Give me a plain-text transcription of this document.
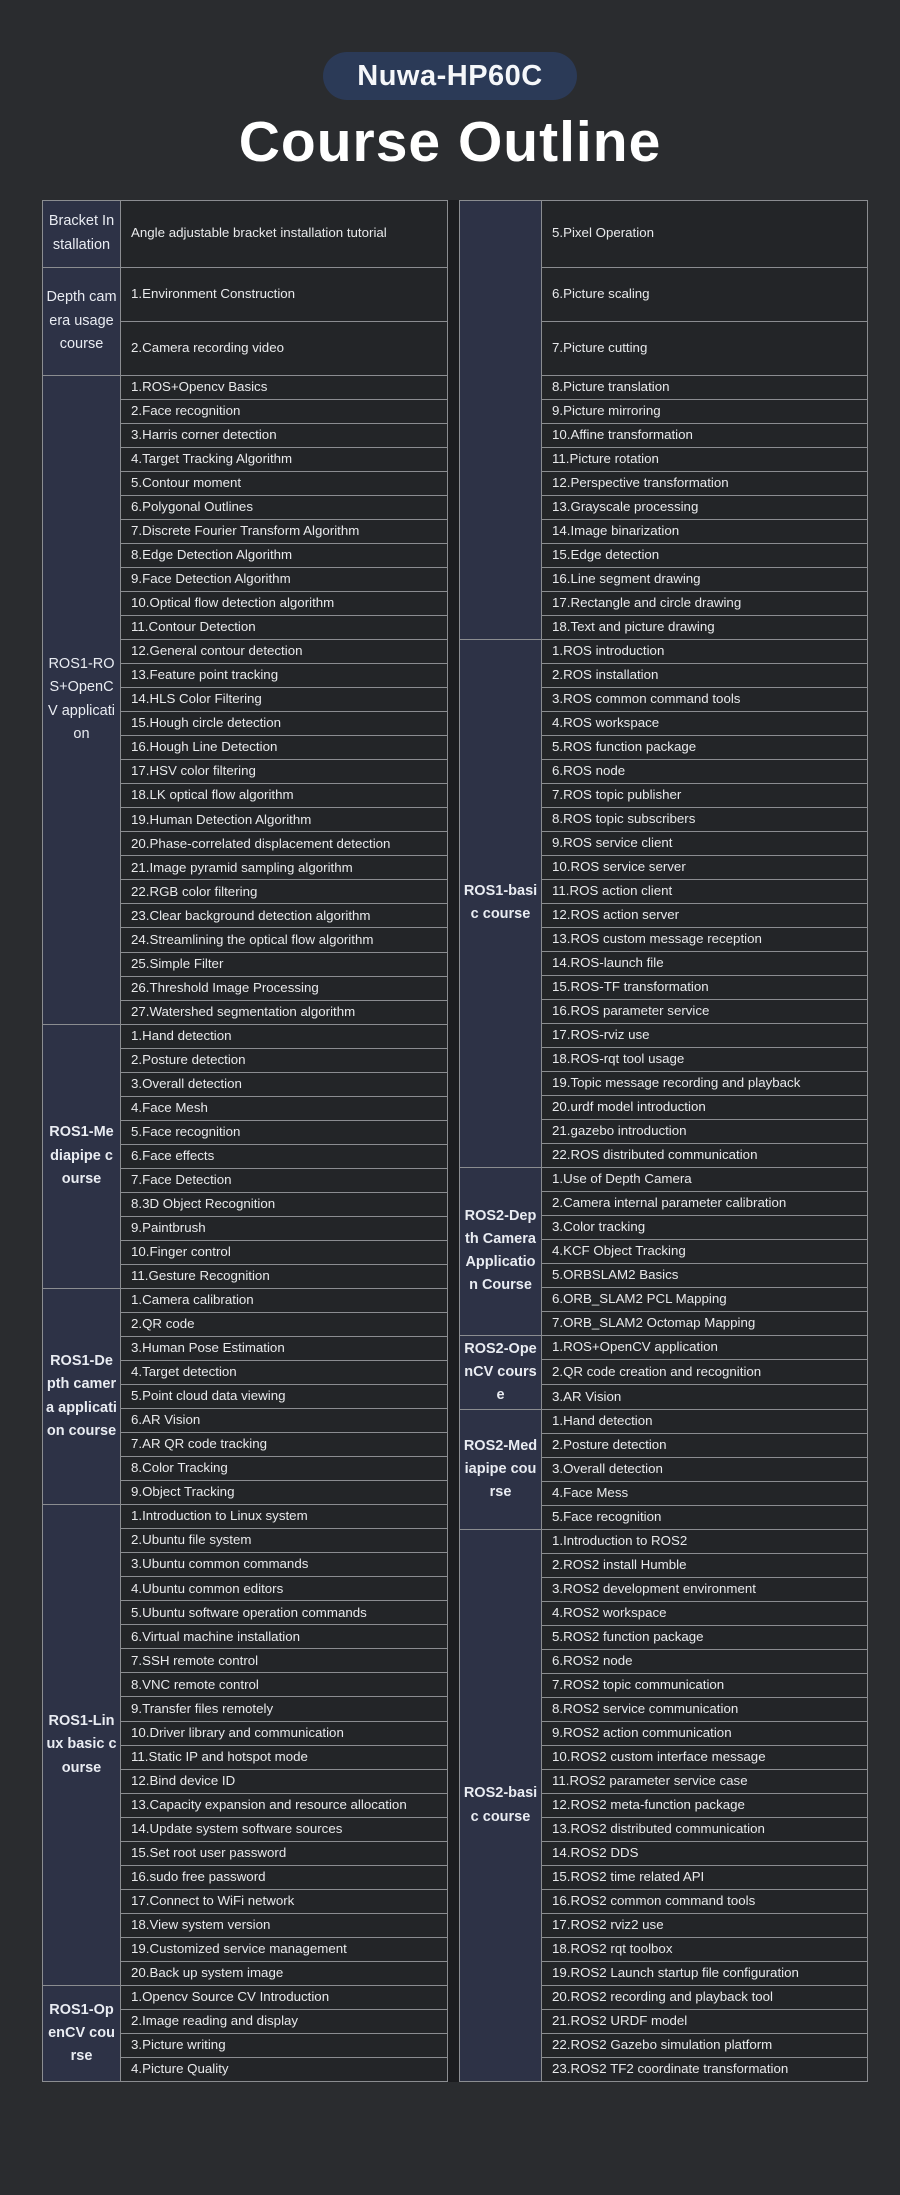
Nuwa-HP60C
Course Outline
Bracket Installation	Angle adjustable bracket installation tutorial
Depth camera usage course	1.Environment Construction
	2.Camera recording video
ROS1-ROS+OpenCV application	1.ROS+Opencv Basics
	2.Face recognition
	3.Harris corner detection
	4.Target Tracking Algorithm
	5.Contour moment
	6.Polygonal Outlines
	7.Discrete Fourier Transform Algorithm
	8.Edge Detection Algorithm
	9.Face Detection Algorithm
	10.Optical flow detection algorithm
	11.Contour Detection
	12.General contour detection
	13.Feature point tracking
	14.HLS Color Filtering
	15.Hough circle detection
	16.Hough Line Detection
	17.HSV color filtering
	18.LK optical flow algorithm
	19.Human Detection Algorithm
	20.Phase-correlated displacement detection
	21.Image pyramid sampling algorithm
	22.RGB color filtering
	23.Clear background detection algorithm
	24.Streamlining the optical flow algorithm
	25.Simple Filter
	26.Threshold Image Processing
	27.Watershed segmentation algorithm
ROS1-Mediapipe course	1.Hand detection
	2.Posture detection
	3.Overall detection
	4.Face Mesh
	5.Face recognition
	6.Face effects
	7.Face Detection
	8.3D Object Recognition
	9.Paintbrush
	10.Finger control
	11.Gesture Recognition
ROS1-Depth camera application course	1.Camera calibration
	2.QR code
	3.Human Pose Estimation
	4.Target detection
	5.Point cloud data viewing
	6.AR Vision
	7.AR QR code tracking
	8.Color Tracking
	9.Object Tracking
ROS1-Linux basic course	1.Introduction to Linux system
	2.Ubuntu file system
	3.Ubuntu common commands
	4.Ubuntu common editors
	5.Ubuntu software operation commands
	6.Virtual machine installation
	7.SSH remote control
	8.VNC remote control
	9.Transfer files remotely
	10.Driver library and communication
	11.Static IP and hotspot mode
	12.Bind device ID
	13.Capacity expansion and resource allocation
	14.Update system software sources
	15.Set root user password
	16.sudo free password
	17.Connect to WiFi network
	18.View system version
	19.Customized service management
	20.Back up system image
ROS1-OpenCV course	1.Opencv Source CV Introduction
	2.Image reading and display
	3.Picture writing
	4.Picture Quality
	5.Pixel Operation
	6.Picture scaling
	7.Picture cutting
	8.Picture translation
	9.Picture mirroring
	10.Affine transformation
	11.Picture rotation
	12.Perspective transformation
	13.Grayscale processing
	14.Image binarization
	15.Edge detection
	16.Line segment drawing
	17.Rectangle and circle drawing
	18.Text and picture drawing
ROS1-basic course	1.ROS introduction
	2.ROS installation
	3.ROS common command tools
	4.ROS workspace
	5.ROS function package
	6.ROS node
	7.ROS topic publisher
	8.ROS topic subscribers
	9.ROS service client
	10.ROS service server
	11.ROS action client
	12.ROS action server
	13.ROS custom message reception
	14.ROS-launch file
	15.ROS-TF transformation
	16.ROS parameter service
	17.ROS-rviz use
	18.ROS-rqt tool usage
	19.Topic message recording and playback
	20.urdf model introduction
	21.gazebo introduction
	22.ROS distributed communication
ROS2-Depth Camera Application Course	1.Use of Depth Camera
	2.Camera internal parameter calibration
	3.Color tracking
	4.KCF Object Tracking
	5.ORBSLAM2 Basics
	6.ORB_SLAM2 PCL Mapping
	7.ORB_SLAM2 Octomap Mapping
ROS2-OpenCV course	1.ROS+OpenCV application
	2.QR code creation and recognition
	3.AR Vision
ROS2-Mediapipe course	1.Hand detection
	2.Posture detection
	3.Overall detection
	4.Face Mess
	5.Face recognition
ROS2-basic course	1.Introduction to ROS2
	2.ROS2 install Humble
	3.ROS2 development environment
	4.ROS2 workspace
	5.ROS2 function package
	6.ROS2 node
	7.ROS2 topic communication
	8.ROS2 service communication
	9.ROS2 action communication
	10.ROS2 custom interface message
	11.ROS2 parameter service case
	12.ROS2 meta-function package
	13.ROS2 distributed communication
	14.ROS2 DDS
	15.ROS2 time related API
	16.ROS2 common command tools
	17.ROS2 rviz2 use
	18.ROS2 rqt toolbox
	19.ROS2 Launch startup file configuration
	20.ROS2 recording and playback tool
	21.ROS2 URDF model
	22.ROS2 Gazebo simulation platform
	23.ROS2 TF2 coordinate transformation
